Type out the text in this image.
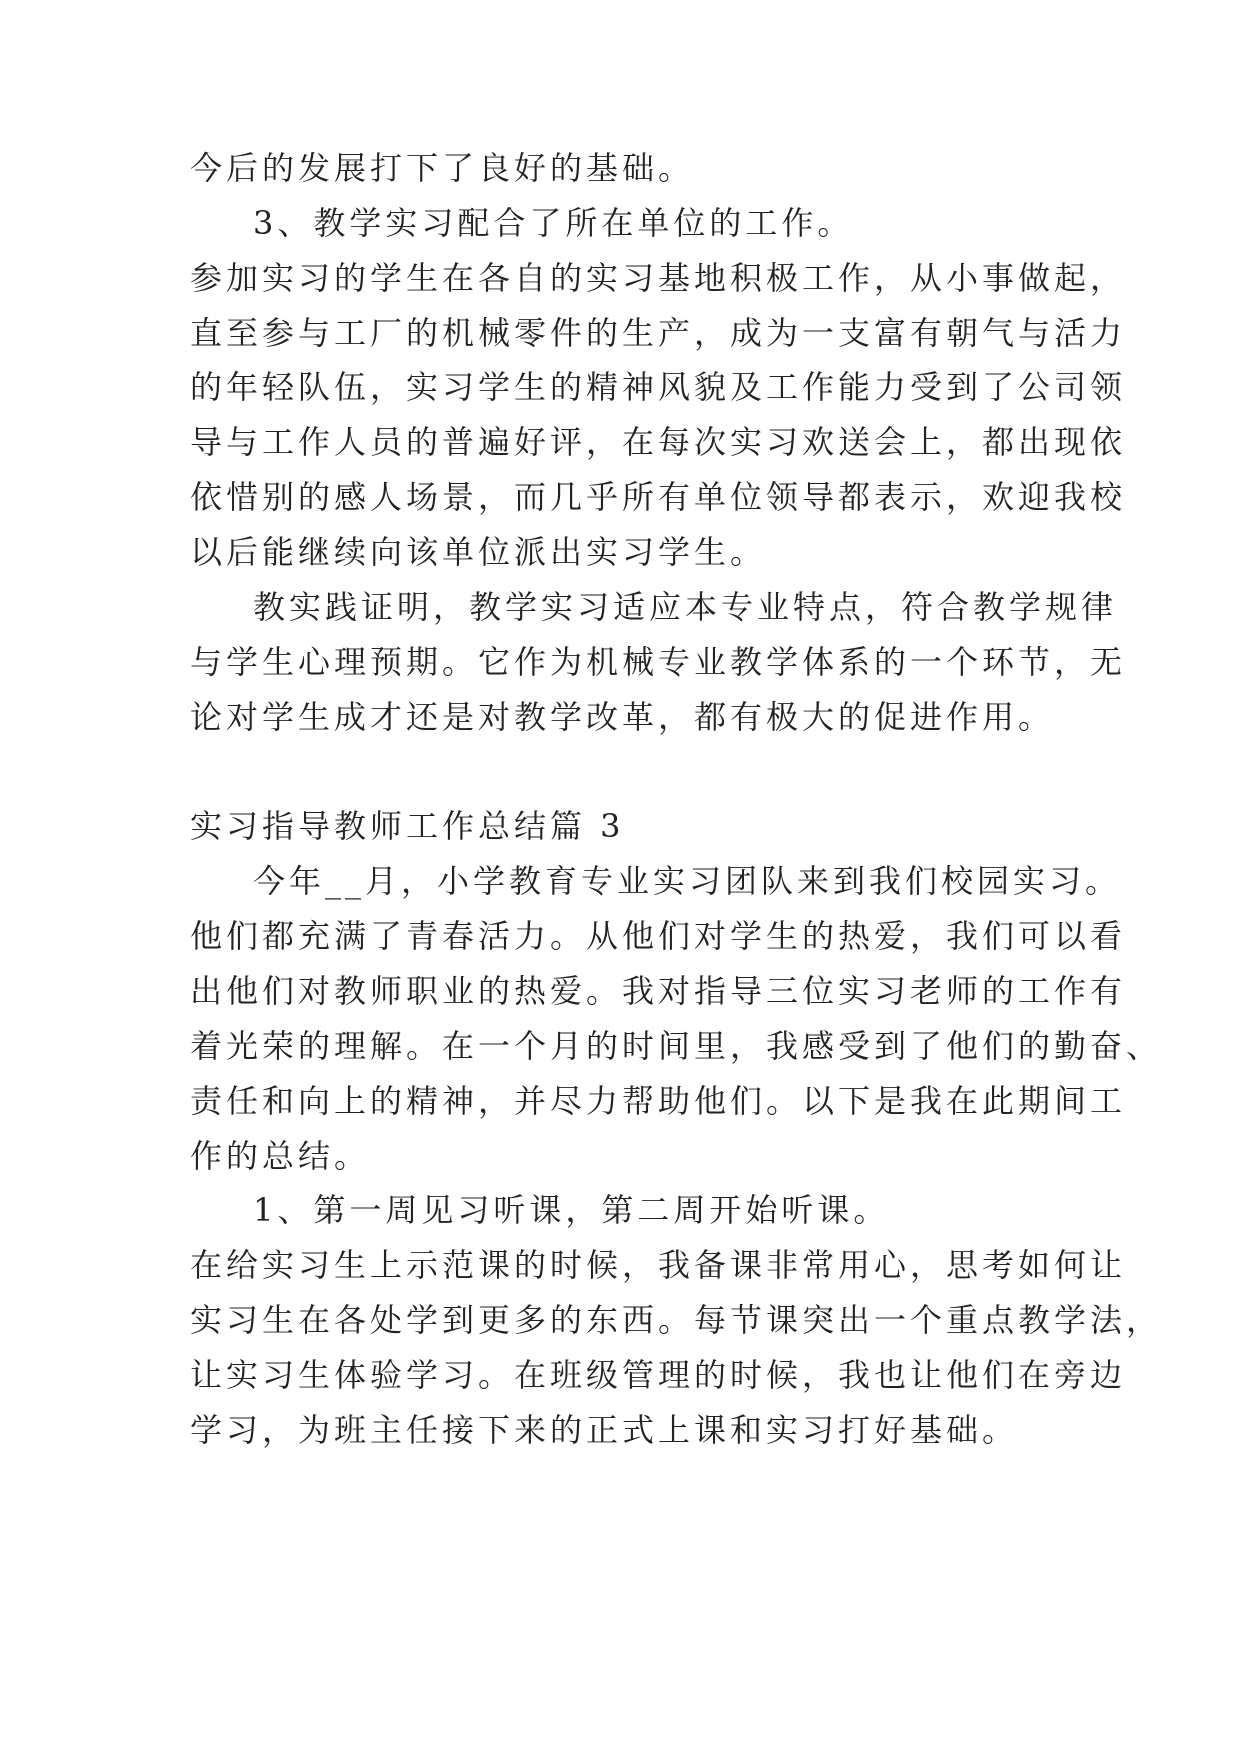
今后的发展打下了良好的基础。
3、教学实习配合了所在单位的工作。
参加实习的学生在各自的实习基地积极工作，从小事做起，
直至参与工厂的机械零件的生产，成为一支富有朝气与活力
的年轻队伍，实习学生的精神风貌及工作能力受到了公司领
导与工作人员的普遍好评，在每次实习欢送会上，都出现依
依惜别的感人场景，而几乎所有单位领导都表示，欢迎我校
以后能继续向该单位派出实习学生。
教实践证明，教学实习适应本专业特点，符合教学规律
与学生心理预期。它作为机械专业教学体系的一个环节，无
论对学生成才还是对教学改革，都有极大的促进作用。
实习指导教师工作总结篇 3
今年__月，小学教育专业实习团队来到我们校园实习。
他们都充满了青春活力。从他们对学生的热爱，我们可以看
出他们对教师职业的热爱。我对指导三位实习老师的工作有
着光荣的理解。在一个月的时间里，我感受到了他们的勤奋、
责任和向上的精神，并尽力帮助他们。以下是我在此期间工
作的总结。
1、第一周见习听课，第二周开始听课。
在给实习生上示范课的时候，我备课非常用心，思考如何让
实习生在各处学到更多的东西。每节课突出一个重点教学法，
让实习生体验学习。在班级管理的时候，我也让他们在旁边
学习，为班主任接下来的正式上课和实习打好基础。
